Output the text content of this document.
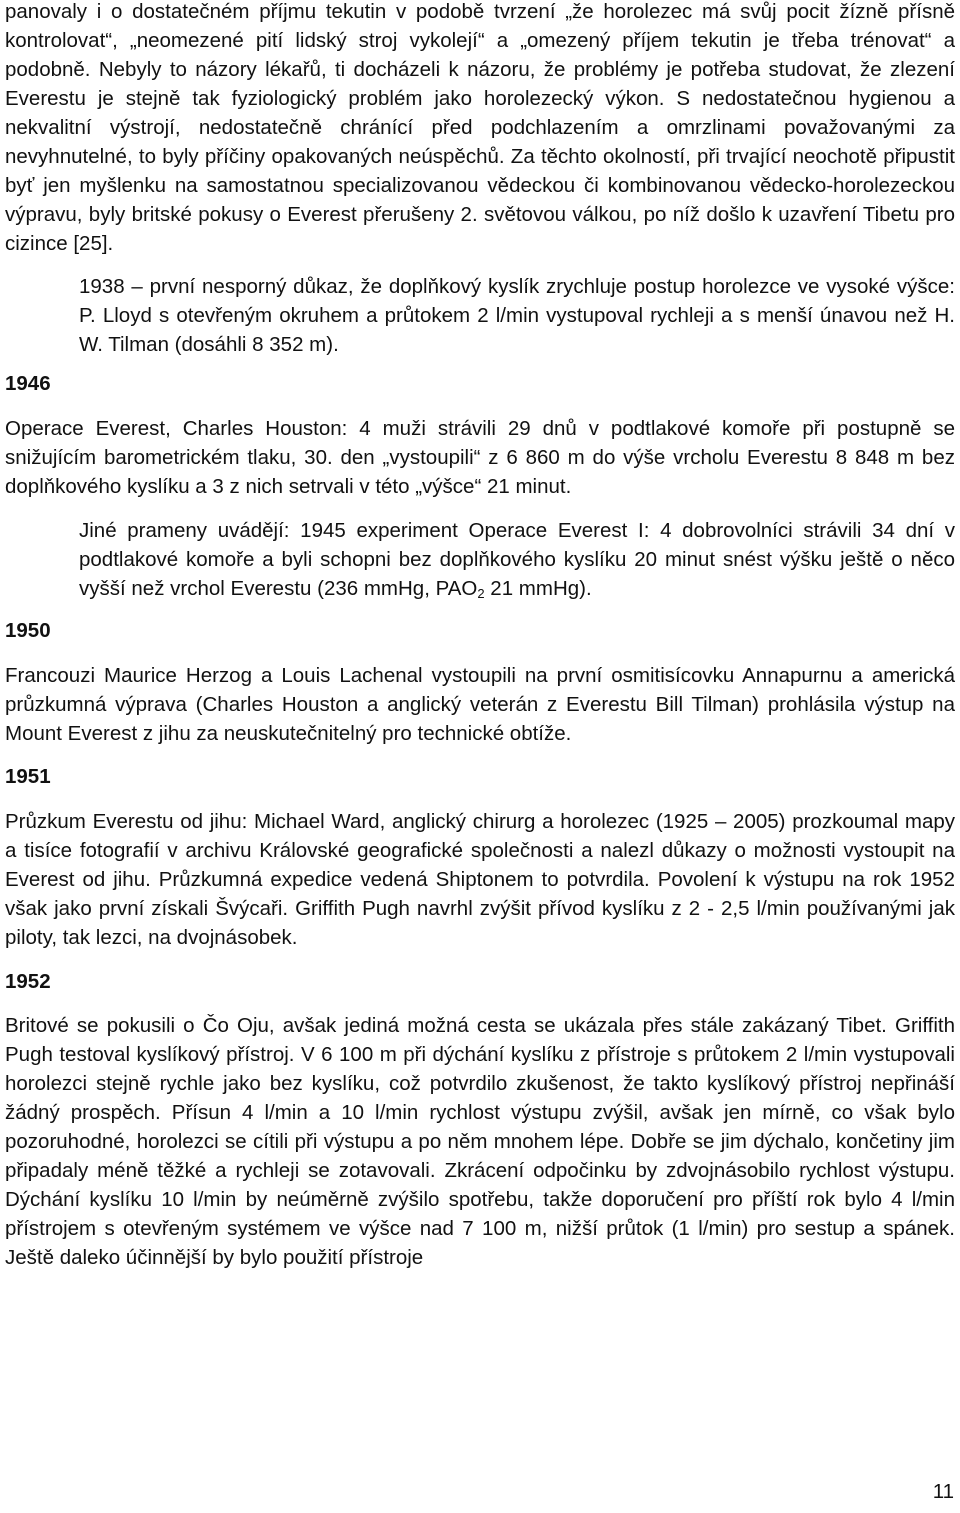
panovaly i o dostatečném příjmu tekutin v podobě tvrzení „že horolezec má svůj pocit žízně přísně kontrolovat“, „neomezené pití lidský stroj vykolejí“ a „omezený příjem tekutin je třeba trénovat“ a podobně. Nebyly to názory lékařů, ti docházeli k názoru, že problémy je potřeba studovat, že zlezení Everestu je stejně tak fyziologický problém jako horolezecký výkon. S nedostatečnou hygienou a nekvalitní výstrojí, nedostatečně chránící před podchlazením a omrzlinami považovanými za nevyhnutelné, to byly příčiny opakovaných neúspěchů. Za těchto okolností, při trvající neochotě připustit byť jen myšlenku na samostatnou specializovanou vědeckou či kombinovanou vědecko-horolezeckou výpravu, byly britské pokusy o Everest přerušeny 2. světovou válkou, po níž došlo k uzavření Tibetu pro cizince [25].

1938 ‒ první nesporný důkaz, že doplňkový kyslík zrychluje postup horolezce ve vysoké výšce: P. Lloyd s otevřeným okruhem a průtokem 2 l/min vystupoval rychleji a s menší únavou než H. W. Tilman (dosáhli 8 352 m).

1946

Operace Everest, Charles Houston: 4 muži strávili 29 dnů v podtlakové komoře při postupně se snižujícím barometrickém tlaku, 30. den „vystoupili“ z 6 860 m do výše vrcholu Everestu 8 848 m bez doplňkového kyslíku a 3 z nich setrvali v této „výšce“ 21 minut.

Jiné prameny uvádějí: 1945 experiment Operace Everest I: 4 dobrovolníci strávili 34 dní v podtlakové komoře a byli schopni bez doplňkového kyslíku 20 minut snést výšku ještě o něco vyšší než vrchol Everestu (236 mmHg, $PAO_2$ 21 mmHg).

1950

Francouzi Maurice Herzog a Louis Lachenal vystoupili na první osmitisícovku Annapurnu a americká průzkumná výprava (Charles Houston a anglický veterán z Everestu Bill Tilman) prohlásila výstup na Mount Everest z jihu za neuskutečnitelný pro technické obtíže.

1951

Průzkum Everestu od jihu: Michael Ward, anglický chirurg a horolezec (1925 ‒ 2005) prozkoumal mapy a tisíce fotografií v archivu Královské geografické společnosti a nalezl důkazy o možnosti vystoupit na Everest od jihu. Průzkumná expedice vedená Shiptonem to potvrdila. Povolení k výstupu na rok 1952 však jako první získali Švýcaři. Griffith Pugh navrhl zvýšit přívod kyslíku z 2 - 2,5 l/min používanými jak piloty, tak lezci, na dvojnásobek.

1952

Britové se pokusili o Čo Oju, avšak jediná možná cesta se ukázala přes stále zakázaný Tibet. Griffith Pugh testoval kyslíkový přístroj. V 6 100 m při dýchání kyslíku z přístroje s průtokem 2 l/min vystupovali horolezci stejně rychle jako bez kyslíku, což potvrdilo zkušenost, že takto kyslíkový přístroj nepřináší žádný prospěch. Přísun 4 l/min a 10 l/min rychlost výstupu zvýšil, avšak jen mírně, co však bylo pozoruhodné, horolezci se cítili při výstupu a po něm mnohem lépe. Dobře se jim dýchalo, končetiny jim připadaly méně těžké a rychleji se zotavovali. Zkrácení odpočinku by zdvojnásobilo rychlost výstupu. Dýchání kyslíku 10 l/min by neúměrně zvýšilo spotřebu, takže doporučení pro příští rok bylo 4 l/min přístrojem s otevřeným systémem ve výšce nad 7 100 m, nižší průtok (1 l/min) pro sestup a spánek. Ještě daleko účinnější by bylo použití přístroje

11
